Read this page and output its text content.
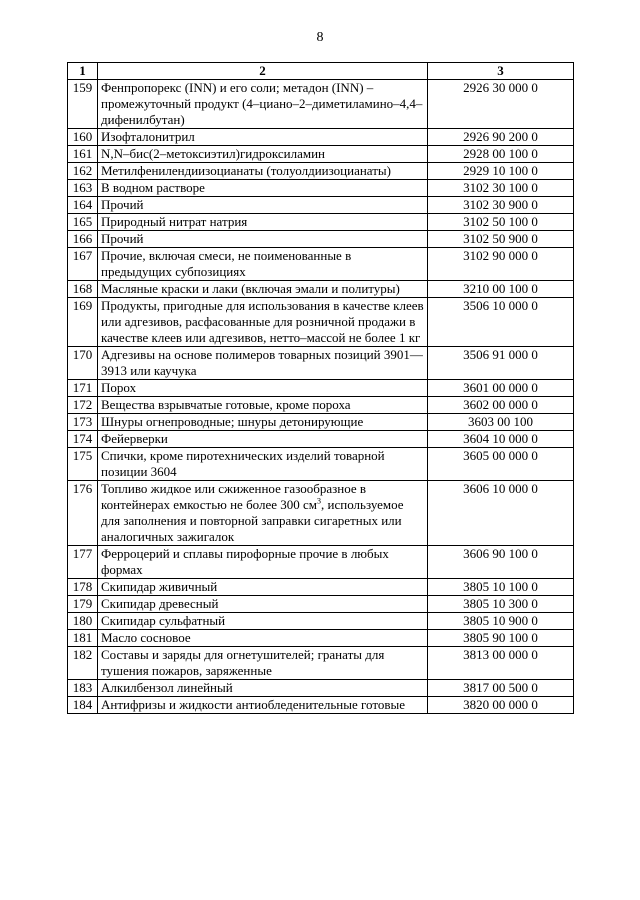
8
1	2	3
159	Фенпропорекс (INN) и его соли; метадон (INN) – промежуточный продукт (4–циано–2–диметиламино–4,4–дифенилбутан)	2926 30 000 0
160	Изофталонитрил	2926 90 200 0
161	N,N–бис(2–метоксиэтил)гидроксиламин	2928 00 100 0
162	Метилфенилендиизоцианаты (толуолдиизоцианаты)	2929 10 100 0
163	В водном растворе	3102 30 100 0
164	Прочий	3102 30 900 0
165	Природный нитрат натрия	3102 50 100 0
166	Прочий	3102 50 900 0
167	Прочие, включая смеси, не поименованные в предыдущих субпозициях	3102 90 000 0
168	Масляные краски и лаки (включая эмали и политуры)	3210 00 100 0
169	Продукты, пригодные для использования в качестве клеев или адгезивов, расфасованные для розничной продажи в качестве клеев или адгезивов, нетто–массой не более 1 кг	3506 10 000 0
170	Адгезивы на основе полимеров товарных позиций 3901—3913 или каучука	3506 91 000 0
171	Порох	3601 00 000 0
172	Вещества взрывчатые готовые, кроме пороха	3602 00 000 0
173	Шнуры огнепроводные; шнуры детонирующие	3603 00 100
174	Фейерверки	3604 10 000 0
175	Спички, кроме пиротехнических изделий товарной позиции 3604	3605 00 000 0
176	Топливо жидкое или сжиженное газообразное в контейнерах емкостью не более 300 $см^3$, используемое для заполнения и повторной заправки сигаретных или аналогичных зажигалок	3606 10 000 0
177	Ферроцерий и сплавы пирофорные прочие в любых формах	3606 90 100 0
178	Скипидар живичный	3805 10 100 0
179	Скипидар древесный	3805 10 300 0
180	Скипидар сульфатный	3805 10 900 0
181	Масло сосновое	3805 90 100 0
182	Составы и заряды для огнетушителей; гранаты для тушения пожаров, заряженные	3813 00 000 0
183	Алкилбензол линейный	3817 00 500 0
184	Антифризы и жидкости антиобледенительные готовые	3820 00 000 0
